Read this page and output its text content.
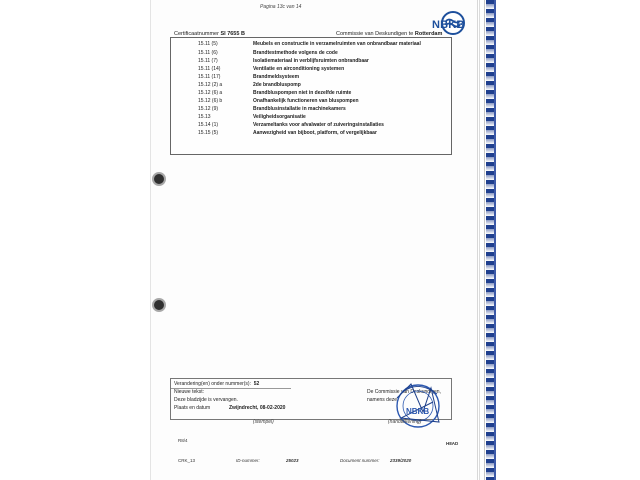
Pagina 13c van 14
Certificaatnummer SI 7655 B	Commissie van Deskundigen te Rotterdam
NBKB
15.11 (5)	Meubels en constructie in verzamelruimten van onbrandbaar materiaal
15.11 (6)	Brandtestmethode volgens de code
15.11 (7)	Isolatiemateriaal in verblijfsruimten onbrandbaar
15.11 (14)	Ventilatie en airconditioning systemen
15.11 (17)	Brandmeldsysteem
15.12 (2) a	2de brandbluspomp
15.12 (6) a	Brandbluspompen niet in dezelfde ruimte
15.12 (6) b	Onafhankelijk functioneren van bluspompen
15.12 (9)	Brandblusinstallatie in machinekamers
15.13	Veiligheidsorganisatie
15.14 (1)	Verzameltanks voor afvalwater of zuiveringsinstallaties
15.15 (5)	Aanwezigheid van bijboot, platform, of vergelijkbaar
Verandering(en) onder nummer(s): 52
Nieuwe tekst:
Deze bladzijde is vervangen.
Plaats en datum	Zwijndrecht, 08-02-2020
De Commissie van Deskundigen,
namens deze,
NBKB
(stempel)	(handtekening)
H8AD
R8/4
CRK_13	ID-nummer:	25023	Document nummer: 2339/2020
